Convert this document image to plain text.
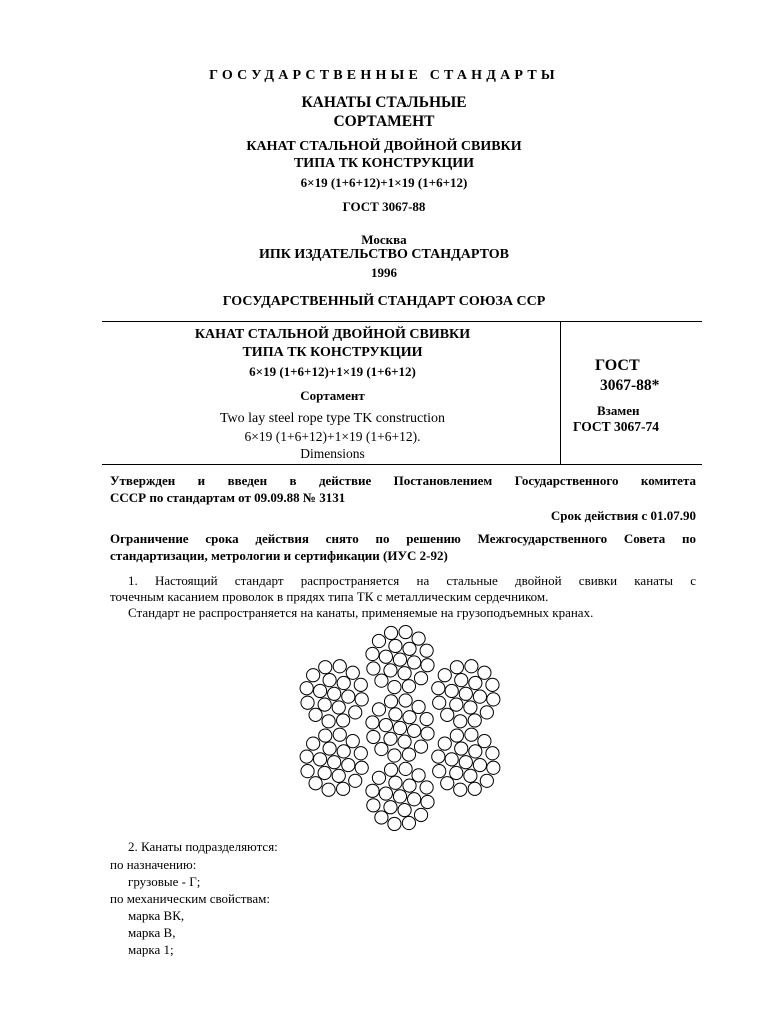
ГОСУДАРСТВЕННЫЕ СТАНДАРТЫ
КАНАТЫ СТАЛЬНЫЕ
СОРТАМЕНТ
КАНАТ СТАЛЬНОЙ ДВОЙНОЙ СВИВКИ
ТИПА ТК КОНСТРУКЦИИ
6×19 (1+6+12)+1×19 (1+6+12)
ГОСТ 3067-88
Москва
ИПК ИЗДАТЕЛЬСТВО СТАНДАРТОВ
1996
ГОСУДАРСТВЕННЫЙ СТАНДАРТ СОЮЗА ССР
КАНАТ СТАЛЬНОЙ ДВОЙНОЙ СВИВКИ
ТИПА ТК КОНСТРУКЦИИ
6×19 (1+6+12)+1×19 (1+6+12)
Сортамент
Two lay steel rope type TK construction
6×19 (1+6+12)+1×19 (1+6+12).
Dimensions
ГОСТ
3067-88*
Взамен
ГОСТ 3067-74
Утвержден и введен в действие Постановлением Государственного комитета
СССР по стандартам от 09.09.88 № 3131
Срок действия с 01.07.90
Ограничение срока действия снято по решению Межгосударственного Совета по
стандартизации, метрологии и сертификации (ИУС 2-92)
1. Настоящий стандарт распространяется на стальные двойной свивки канаты с
точечным касанием проволок в прядях типа ТК с металлическим сердечником.
Стандарт не распространяется на канаты, применяемые на грузоподъемных кранах.
2. Канаты подразделяются:
по назначению:
грузовые - Г;
по механическим свойствам:
марка ВК,
марка В,
марка 1;
